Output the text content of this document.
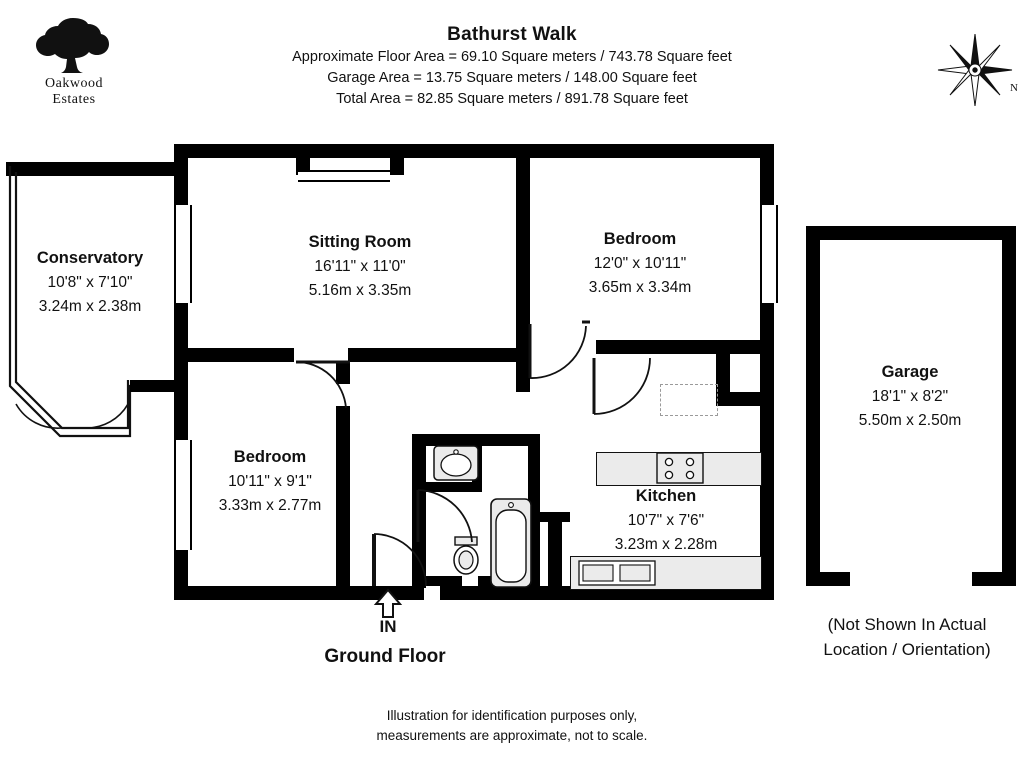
Oakwood
Estates
Bathurst Walk
Approximate Floor Area = 69.10 Square meters / 743.78 Square feet
Garage Area = 13.75 Square meters / 148.00 Square feet
Total Area = 82.85 Square meters / 891.78 Square feet
N
Conservatory
10'8" x 7'10"
3.24m x 2.38m
Sitting Room
16'11" x 11'0"
5.16m x 3.35m
Bedroom
12'0" x 10'11"
3.65m x 3.34m
Bedroom
10'11" x 9'1"
3.33m x 2.77m
Kitchen
10'7" x 7'6"
3.23m x 2.28m
Garage
18'1" x 8'2"
5.50m x 2.50m
(Not Shown In Actual
Location / Orientation)
IN
Ground Floor
Illustration for identification purposes only,
measurements are approximate, not to scale.
